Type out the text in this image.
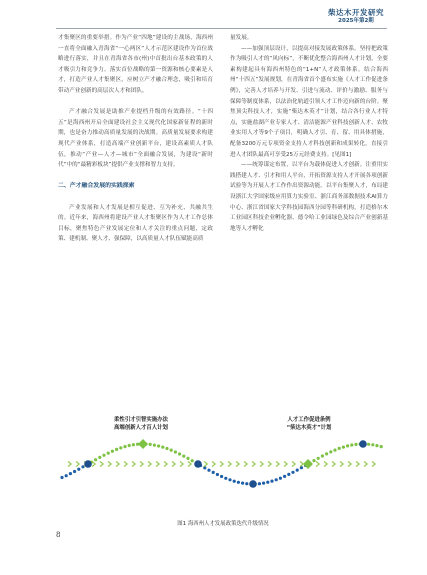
柴达木开发研究
2025年第2期

才集聚区的重要举措。作为产业“四地”建设的主战场，海西州一直将全面融入青海省“一心两区”人才示范区建设作为首位战略进行落实，并且在青海省各市(州)中首批出台基本政策的人才吸引力和竞争力。落实首位战略的第一资源和核心要素是人才，打造产业人才集聚区，应树立产才融合理念，吸引和培育带动产业创新的高层次人才和团队。

产才融合发展是助推产业提档升级的有效路径。“十四五”是海西州开启全面建设社会主义现代化国家新征程的新时期，也是奋力推动高质量发展的决战期。高质量发展要求构建现代产业体系，打造高端产业创新平台，建设高素质人才队伍，推动“产业—人才—城市”全面融合发展，为建设“新时代”中的“最精彩板块”提供产业支撑和智力支持。

二、产才融合发展的实践探索

产业发展和人才发展是相互促进、互为补充、共融共生的。近年来，海西州将建设产业人才集聚区作为人才工作总体目标，聚焦特色产业发展定位和人才关注的重点问题，定政策、建机制、聚人才、强保障，以高质量人才队伍赋能高质

量发展。

——加强顶层设计，以提高对接发展政策体系。坚持把政策作为吸引人才的“风向标”，不断优化整合海西州人才计划，全要素构建起具有海西州特色的“1+N”人才政策体系。结合海西州“十四五”发展规划，在青海省首个盛布实施《人才工作促进条例》，完善人才培养与开发、引进与流动、评价与激励、服务与保障等制度体系，以法治化轨道引领人才工作迈向新的台阶。聚焦顶尖科技人才，实施“柴达木英才”计划，结合各行业人才特点，实施盐湖产业专家人才、清洁能源产业科技创新人才、农牧业实用人才等9个子项目，明确人才引、育、留、用具体措施，配备3200万元专项资金支持人才科技创新和成果转化，直接引进人才团队最高可享受25万元经费支持。[见图1]

——统筹谋定布置，以平台为载体促进人才创新。注重用实践搭建人才、引才和用人平台，开拓资源支持人才开展各项创新试验等为开展人才工作作出资源动能。以平台集聚人才，布局建设浙江大学国家级应用算力实验室、浙江商务部数据技术AI算力中心、浙江省国家大学科技园海西分园等科研机构，打造格尔木工业园区科技企业孵化器、德令哈工业园绿色及综合产业创新基地等人才孵化

柔性引才引智实施办法
高端创新人才百人计划
人才工作促进条例
“柴达木英才”计划
图1 海西州人才发展政策迭代升级情况
8
